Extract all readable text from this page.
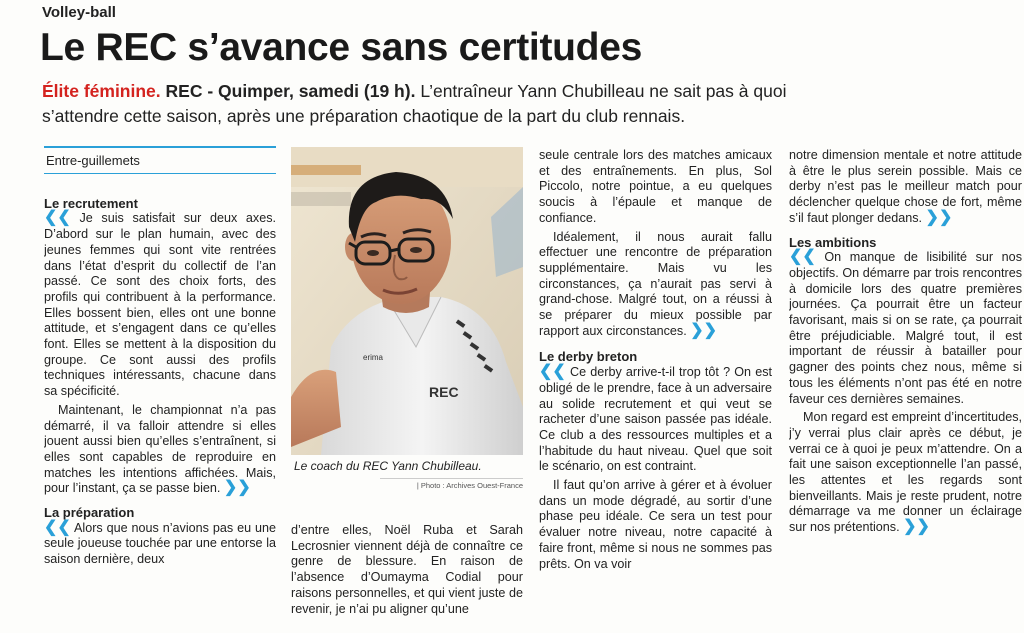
Volley-ball
Le REC s’avance sans certitudes
Élite féminine. REC - Quimper, samedi (19 h). L’entraîneur Yann Chubilleau ne sait pas à quoi s’attendre cette saison, après une préparation chaotique de la part du club rennais.
Entre-guillemets
Le recrutement

❮❮ Je suis satisfait sur deux axes. D’abord sur le plan humain, avec des jeunes femmes qui sont vite rentrées dans l’état d’esprit du collectif de l’an passé. Ce sont des choix forts, des profils qui contribuent à la performance. Elles bossent bien, elles ont une bonne attitude, et s’engagent dans ce qu’elles font. Elles se mettent à la disposition du groupe. Ce sont aussi des profils techniques intéressants, chacune dans sa spécificité.

Maintenant, le championnat n’a pas démarré, il va falloir attendre si elles jouent aussi bien qu’elles s’entraînent, si elles sont capables de reproduire en matches les intentions affichées. Mais, pour l’instant, ça se passe bien. ❯❯

La préparation

❮❮ Alors que nous n’avions pas eu une seule joueuse touchée par une entorse la saison dernière, deux

REC
erima
Le coach du REC Yann Chubilleau.
| Photo : Archives Ouest-France

d’entre elles, Noël Ruba et Sarah Lecrosnier viennent déjà de connaître ce genre de blessure. En raison de l’absence d’Oumayma Codial pour raisons personnelles, et qui vient juste de revenir, je n’ai pu aligner qu’une

seule centrale lors des matches amicaux et des entraînements. En plus, Sol Piccolo, notre pointue, a eu quelques soucis à l’épaule et manque de confiance.

Idéalement, il nous aurait fallu effectuer une rencontre de préparation supplémentaire. Mais vu les circonstances, ça n’aurait pas servi à grand-chose. Malgré tout, on a réussi à se préparer du mieux possible par rapport aux circonstances. ❯❯

Le derby breton

❮❮ Ce derby arrive-t-il trop tôt ? On est obligé de le prendre, face à un adversaire au solide recrutement et qui veut se racheter d’une saison passée pas idéale. Ce club a des ressources multiples et a l’habitude du haut niveau. Quel que soit le scénario, on est contraint.

Il faut qu’on arrive à gérer et à évoluer dans un mode dégradé, au sortir d’une phase peu idéale. Ce sera un test pour évaluer notre niveau, notre capacité à faire front, même si nous ne sommes pas prêts. On va voir

notre dimension mentale et notre attitude à être le plus serein possible. Mais ce derby n’est pas le meilleur match pour déclencher quelque chose de fort, même s’il faut plonger dedans. ❯❯

Les ambitions

❮❮ On manque de lisibilité sur nos objectifs. On démarre par trois rencontres à domicile lors des quatre premières journées. Ça pourrait être un facteur favorisant, mais si on se rate, ça pourrait être préjudiciable. Malgré tout, il est important de réussir à batailler pour gagner des points chez nous, même si tous les éléments n’ont pas été en notre faveur ces dernières semaines.

Mon regard est empreint d’incertitudes, j’y verrai plus clair après ce début, je verrai ce à quoi je peux m’attendre. On a fait une saison exceptionnelle l’an passé, les attentes et les regards sont bienveillants. Mais je reste prudent, notre démarrage va me donner un éclairage sur nos prétentions. ❯❯
